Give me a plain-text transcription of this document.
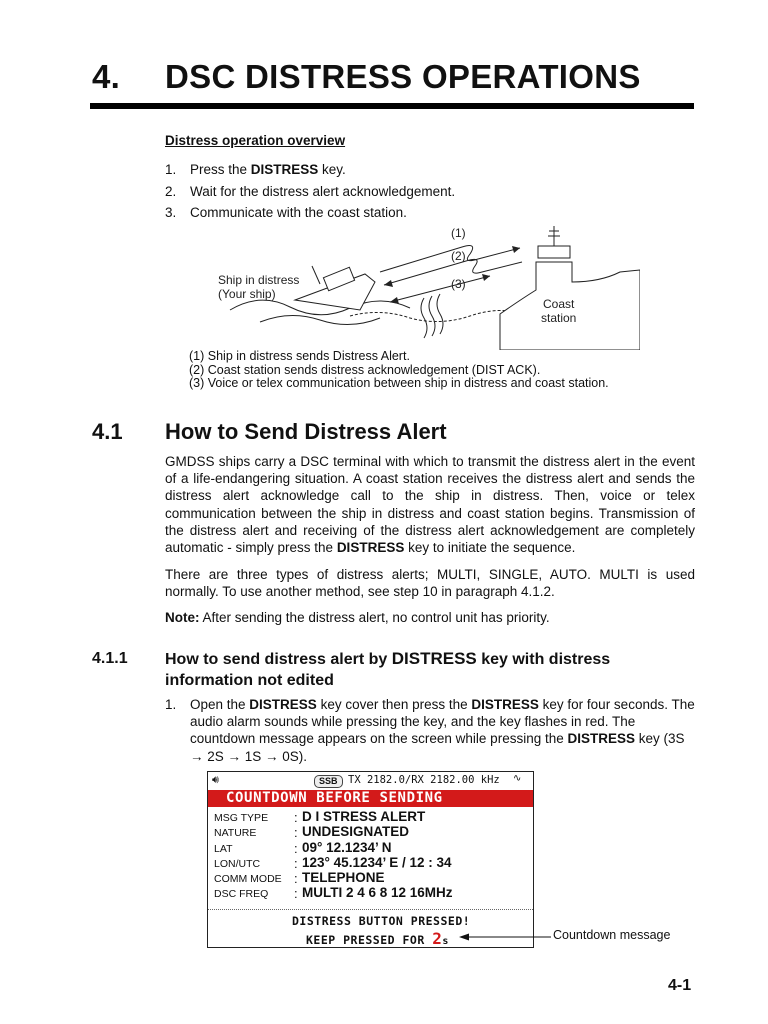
4. DSC DISTRESS OPERATIONS
Distress operation overview
1. Press the DISTRESS key.
2. Wait for the distress alert acknowledgement.
3. Communicate with the coast station.
(1)
(2)
(3)
Ship in distress
(Your ship)
Coast
station
(1) Ship in distress sends Distress Alert.
(2) Coast station sends distress acknowledgement (DIST ACK).
(3) Voice or telex communication between ship in distress and coast station.
4.1 How to Send Distress Alert
GMDSS ships carry a DSC terminal with which to transmit the distress alert in the event of a life-endangering situation. A coast station receives the distress alert and sends the distress alert acknowledge call to the ship in distress. Then, voice or telex communication between the ship in distress and coast station begins. Transmission of the distress alert and receiving of the distress alert acknowledgement are completely automatic - simply press the DISTRESS key to initiate the sequence.
There are three types of distress alerts; MULTI, SINGLE, AUTO. MULTI is used normally. To use another method, see step 10 in paragraph 4.1.2.
Note: After sending the distress alert, no control unit has priority.
4.1.1 How to send distress alert by DISTRESS key with distress information not edited
1. Open the DISTRESS key cover then press the DISTRESS key for four seconds. The audio alarm sounds while pressing the key, and the key flashes in red. The countdown message appears on the screen while pressing the DISTRESS key (3S → 2S → 1S → 0S).
🔊︎	SSB TX 2182.0/RX 2182.00 kHz ∿
COUNTDOWN BEFORE SENDING
MSG TYPE : D I STRESS ALERT
NATURE	: UNDESIGNATED
LAT	: 09° 12.1234’ N
LON/UTC	: 123° 45.1234’ E / 12 : 34
COMM MODE : TELEPHONE
DSC FREQ : MULTI 2 4 6 8 12 16MHz
DISTRESS BUTTON PRESSED!
KEEP PRESSED FOR 2s	Countdown message
4-1
